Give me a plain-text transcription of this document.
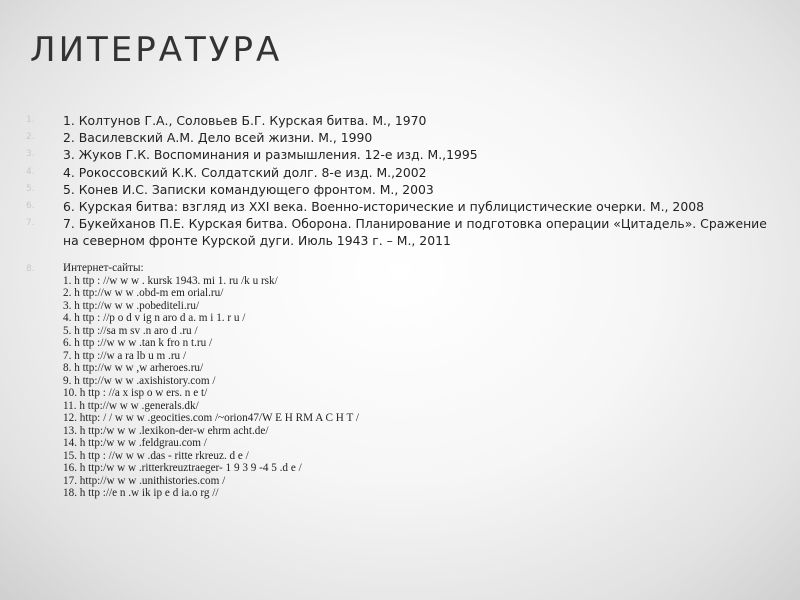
ЛИТЕРАТУРА
1. 1. Колтунов Г.А., Соловьев Б.Г. Курская битва. М., 1970
2. 2. Василевский А.М. Дело всей жизни. М., 1990
3. 3. Жуков Г.К. Воспоминания и размышления. 12-е изд. М.,1995
4. 4. Рокоссовский К.К. Солдатский долг. 8-е изд. М.,2002
5. 5. Конев И.С. Записки командующего фронтом. М., 2003
6. 6. Курская битва: взгляд из XXI века. Военно-исторические и публицистические очерки. М., 2008
7. 7. Букейханов П.Е. Курская битва. Оборона. Планирование и подготовка операции «Цитадель». Сражение на северном фронте Курской дуги. Июль 1943 г. – М., 2011
8.	Интернет-сайты:
1. h ttp : //w w w . kursk 1943. mi 1. ru /k u rsk/
2. h ttp://w w w .obd-m em orial.ru/
3. h ttp://w w w .pobediteli.ru/
4. h ttp : //p o d v ig n aro d a. m i 1. r u /
5. h ttp ://sa m sv .n aro d .ru /
6. h ttp ://w w w .tan k fro n t.ru /
7. h ttp ://w a ra lb u m .ru /
8. h ttp://w w w ,w arheroes.ru/
9. h ttp://w w w .axishistory.com /
10. h ttp : //a x isp o w ers. n e t/
11. h ttp://w w w .generals.dk/
12. http: / / w w w .geocities.com /~orion47/W E H RM A C H T /
13. h ttp:/w w w .lexikon-der-w ehrm acht.de/
14. h ttp:/w w w .feldgrau.com /
15. h ttp : //w w w .das - ritte rkreuz. d e /
16. h ttp:/w w w .ritterkreuztraeger- 1 9 3 9 -4 5 .d e /
17. http://w w w .unithistories.com /
18. h ttp ://e n .w ik ip e d ia.o rg //
